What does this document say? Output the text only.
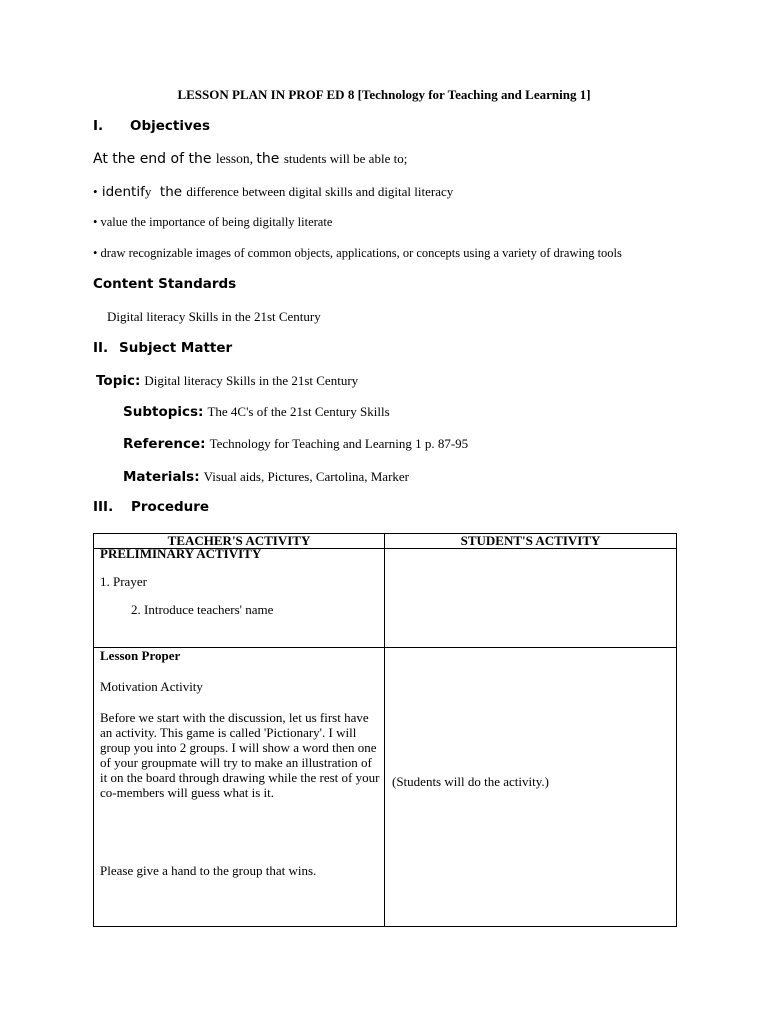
LESSON PLAN IN PROF ED 8 [Technology for Teaching and Learning 1]
I. Objectives
At the end of the lesson, the students will be able to;
• identify  the difference between digital skills and digital literacy
• value the importance of being digitally literate
• draw recognizable images of common objects, applications, or concepts using a variety of drawing tools
Content Standards
Digital literacy Skills in the 21st Century
II. Subject Matter
Topic: Digital literacy Skills in the 21st Century
Subtopics: The 4C's of the 21st Century Skills
Reference: Technology for Teaching and Learning 1 p. 87-95
Materials: Visual aids, Pictures, Cartolina, Marker
III. Procedure
TEACHER'S ACTIVITY	STUDENT'S ACTIVITY

PRELIMINARY ACTIVITY
1. Prayer
2. Introduce teachers' name	

Lesson Proper
Motivation Activity
Before we start with the discussion, let us first have an activity. This game is called 'Pictionary'. I will group you into 2 groups. I will show a word then one of your groupmate will try to make an illustration of it on the board through drawing while the rest of your co-members will guess what is it.
Please give a hand to the group that wins.	(Students will do the activity.)
